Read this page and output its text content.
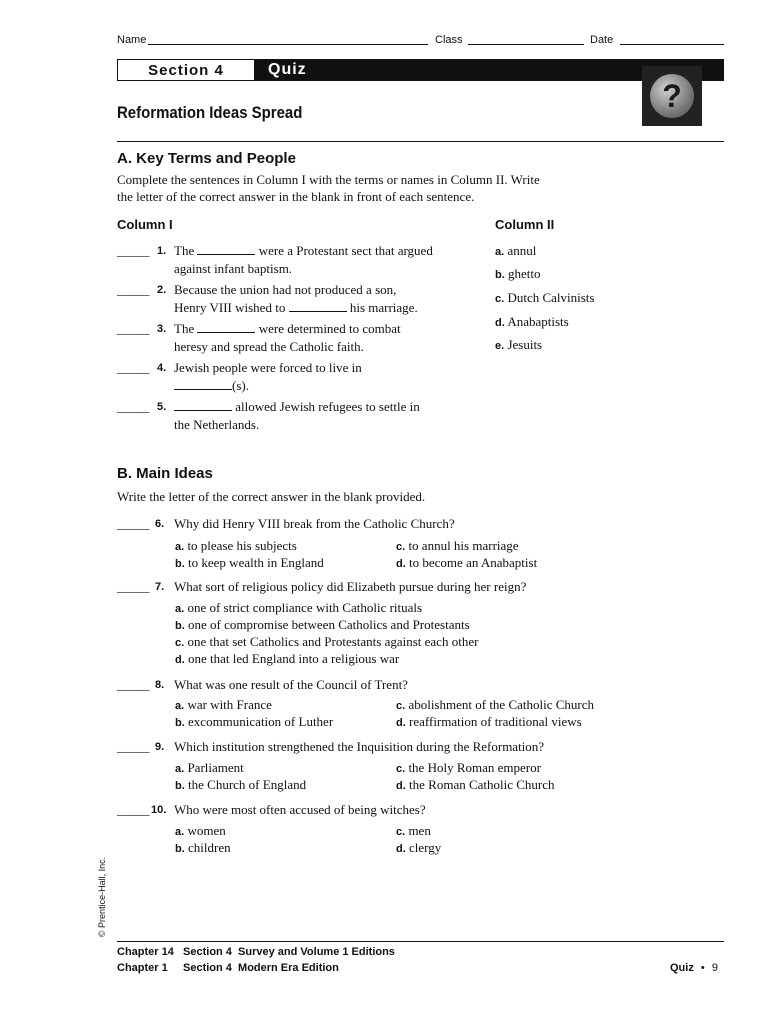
Name	Class	Date
Section 4	Quiz
?
Reformation Ideas Spread
A. Key Terms and People
Complete the sentences in Column I with the terms or names in Column II. Write
the letter of the correct answer in the blank in front of each sentence.
Column I	Column II
_____ 1. The	were a Protestant sect that argued
against infant baptism.
_____ 2. Because the union had not produced a son,
Henry VIII wished to	his marriage.
_____ 3. The	were determined to combat
heresy and spread the Catholic faith.
_____ 4. Jewish people were forced to live in
(s).
_____ 5.	allowed Jewish refugees to settle in
the Netherlands.
a. annul
b. ghetto
c. Dutch Calvinists
d. Anabaptists
e. Jesuits
B. Main Ideas
Write the letter of the correct answer in the blank provided.
_____ 6. Why did Henry VIII break from the Catholic Church?
a. to please his subjects
b. to keep wealth in England
c. to annul his marriage
d. to become an Anabaptist
_____ 7. What sort of religious policy did Elizabeth pursue during her reign?
a. one of strict compliance with Catholic rituals
b. one of compromise between Catholics and Protestants
c. one that set Catholics and Protestants against each other
d. one that led England into a religious war
_____ 8. What was one result of the Council of Trent?
a. war with France
b. excommunication of Luther
c. abolishment of the Catholic Church
d. reaffirmation of traditional views
_____ 9. Which institution strengthened the Inquisition during the Reformation?
a. Parliament
b. the Church of England
c. the Holy Roman emperor
d. the Roman Catholic Church
_____ 10. Who were most often accused of being witches?
a. women
b. children
c. men
d. clergy
© Prentice-Hall, Inc.
Chapter 14   Section 4  Survey and Volume 1 Editions
Chapter 1     Section 4  Modern Era Edition	Quiz • 9
